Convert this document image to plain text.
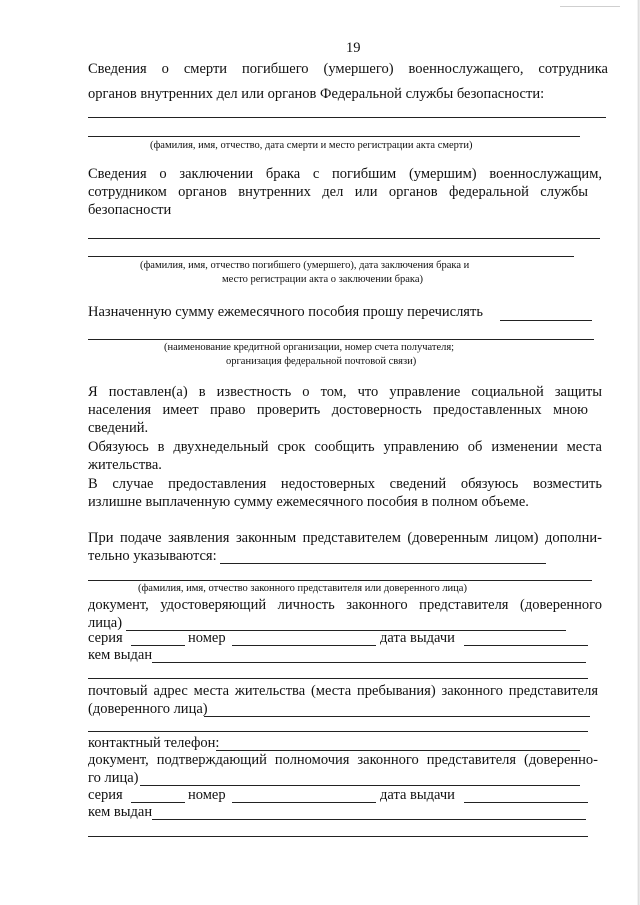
19
Сведения о смерти погибшего (умершего) военнослужащего, сотрудника
органов внутренних дел или органов Федеральной службы безопасности:
(фамилия, имя, отчество, дата смерти и место регистрации акта смерти)
Сведения о заключении брака с погибшим (умершим) военнослужащим,
сотрудником органов внутренних дел или органов федеральной службы
безопасности
(фамилия, имя, отчество погибшего (умершего), дата заключения брака и
место регистрации акта о заключении брака)
Назначенную сумму ежемесячного пособия прошу перечислять
(наименование кредитной организации, номер счета получателя;
организация федеральной почтовой связи)
Я поставлен(а) в известность о том, что управление социальной защиты
населения имеет право проверить достоверность предоставленных мною
сведений.
Обязуюсь в двухнедельный срок сообщить управлению об изменении места
жительства.
В случае предоставления недостоверных сведений обязуюсь возместить
излишне выплаченную сумму ежемесячного пособия в полном объеме.
При подаче заявления законным представителем (доверенным лицом) дополни-
тельно указываются:
(фамилия, имя, отчество законного представителя или доверенного лица)
документ, удостоверяющий личность законного представителя (доверенного
лица)
серия	номер	дата выдачи
кем выдан
почтовый адрес места жительства (места пребывания) законного представителя
(доверенного лица)
контактный телефон:
документ, подтверждающий полномочия законного представителя (доверенно-
го лица)
серия	номер	дата выдачи
кем выдан
